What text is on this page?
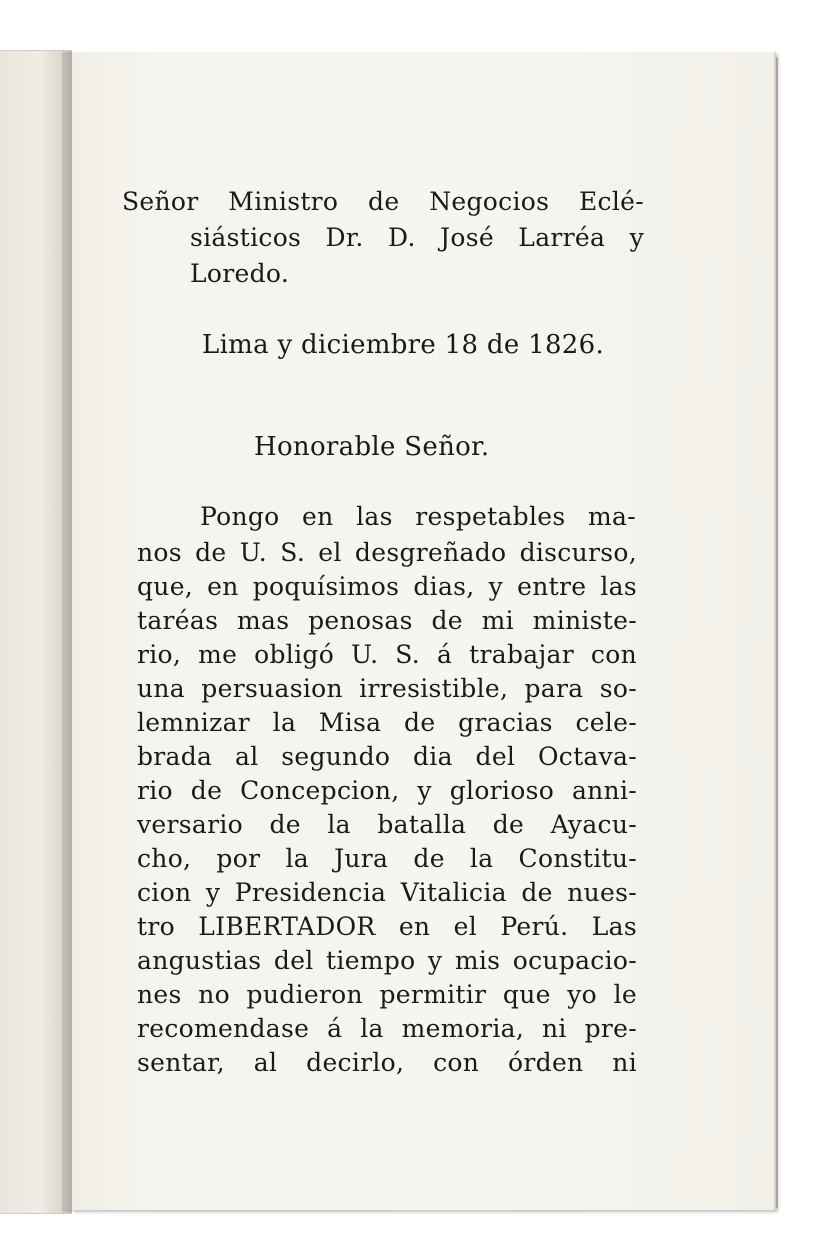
Señor Ministro de Negocios Eclé-
siásticos Dr. D. José Larréa y
Loredo.
Lima y diciembre 18 de 1826.
Honorable Señor.
Pongo en las respetables ma-
nos de U. S. el desgreñado discurso,
que, en poquísimos dias, y entre las
taréas mas penosas de mi ministe-
rio, me obligó U. S. á trabajar con
una persuasion irresistible, para so-
lemnizar la Misa de gracias cele-
brada al segundo dia del Octava-
rio de Concepcion, y glorioso anni-
versario de la batalla de Ayacu-
cho, por la Jura de la Constitu-
cion y Presidencia Vitalicia de nues-
tro LIBERTADOR en el Perú. Las
angustias del tiempo y mis ocupacio-
nes no pudieron permitir que yo le
recomendase á la memoria, ni pre-
sentar, al decirlo, con órden ni
